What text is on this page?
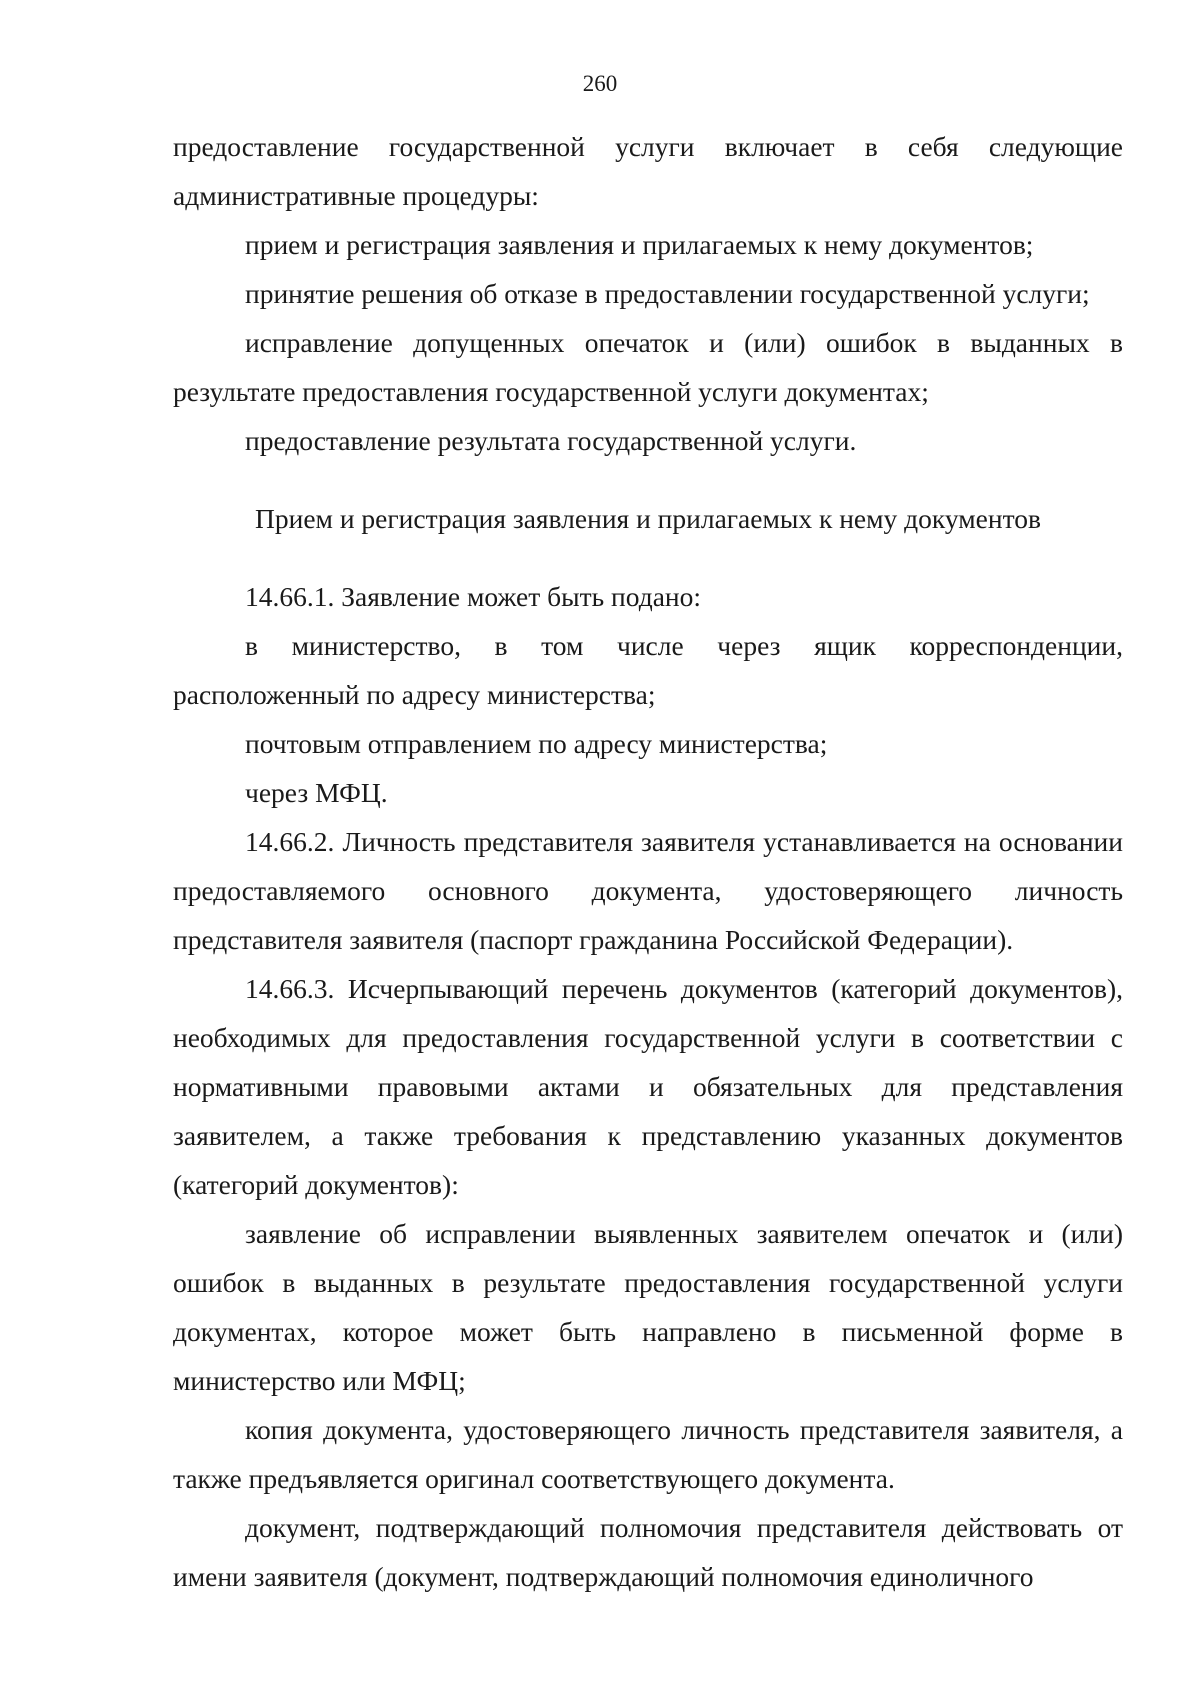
260

предоставление государственной услуги включает в себя следующие административные процедуры:

прием и регистрация заявления и прилагаемых к нему документов;

принятие решения об отказе в предоставлении государственной услуги;

исправление допущенных опечаток и (или) ошибок в выданных в результате предоставления государственной услуги документах;

предоставление результата государственной услуги.

Прием и регистрация заявления и прилагаемых к нему документов

14.66.1. Заявление может быть подано:

в министерство, в том числе через ящик корреспонденции, расположенный по адресу министерства;

почтовым отправлением по адресу министерства;

через МФЦ.

14.66.2. Личность представителя заявителя устанавливается на основании предоставляемого основного документа, удостоверяющего личность представителя заявителя (паспорт гражданина Российской Федерации).

14.66.3. Исчерпывающий перечень документов (категорий документов), необходимых для предоставления государственной услуги в соответствии с нормативными правовыми актами и обязательных для представления заявителем, а также требования к представлению указанных документов (категорий документов):

заявление об исправлении выявленных заявителем опечаток и (или) ошибок в выданных в результате предоставления государственной услуги документах, которое может быть направлено в письменной форме в министерство или МФЦ;

копия документа, удостоверяющего личность представителя заявителя, а также предъявляется оригинал соответствующего документа.

документ, подтверждающий полномочия представителя действовать от имени заявителя (документ, подтверждающий полномочия единоличного
